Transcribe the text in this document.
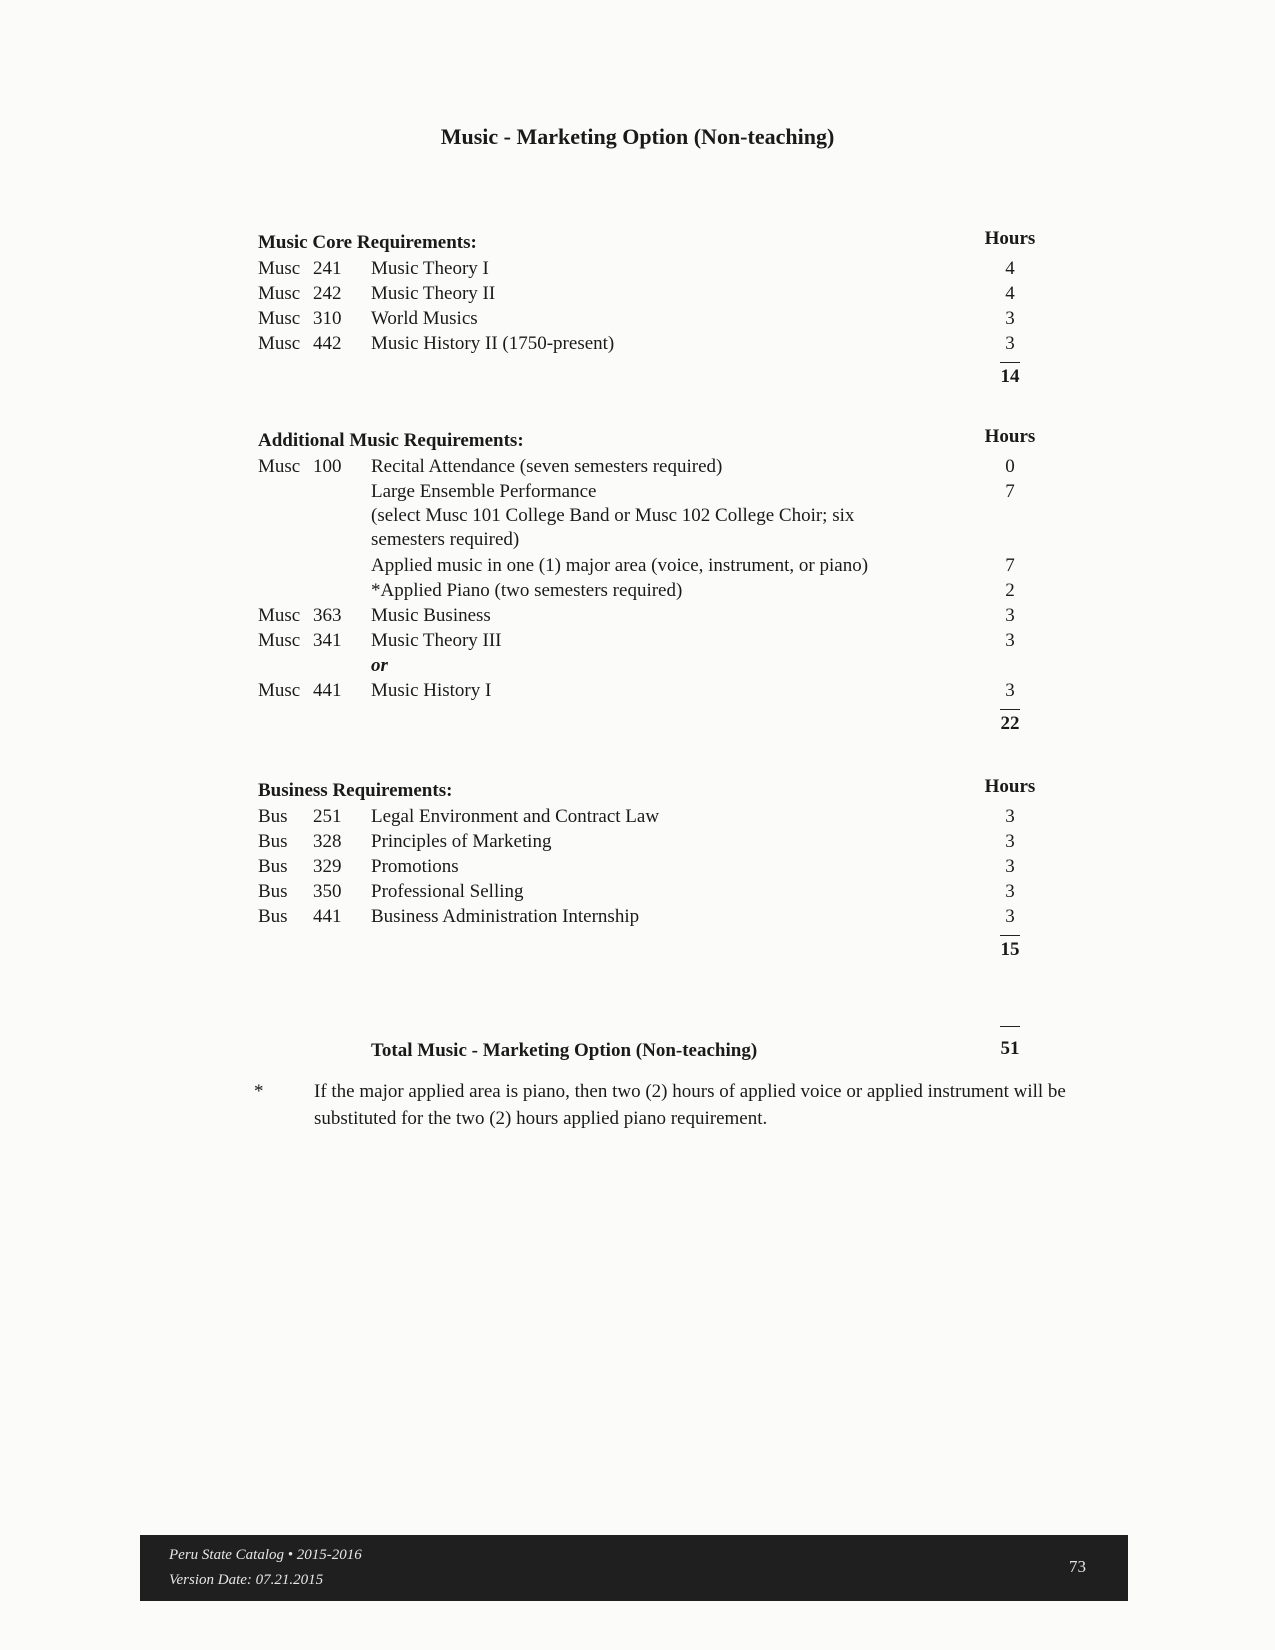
Music - Marketing Option (Non-teaching)
Music Core Requirements:	Hours
Musc 241 Music Theory I	4
Musc 242 Music Theory II	4
Musc 310 World Musics	3
Musc 442 Music History II (1750-present)	3
14
Additional Music Requirements:	Hours
Musc 100 Recital Attendance (seven semesters required)	0
Large Ensemble Performance	7
(select Musc 101 College Band or Musc 102 College Choir; six semesters required)
Applied music in one (1) major area (voice, instrument, or piano)	7
*Applied Piano (two semesters required)	2
Musc 363 Music Business	3
Musc 341 Music Theory III	3
or
Musc 441 Music History I	3
22
Business Requirements:	Hours
Bus 251 Legal Environment and Contract Law	3
Bus 328 Principles of Marketing	3
Bus 329 Promotions	3
Bus 350 Professional Selling	3
Bus 441 Business Administration Internship	3
15
Total Music - Marketing Option (Non-teaching)	51
*	If the major applied area is piano, then two (2) hours of applied voice or applied instrument will be substituted for the two (2) hours applied piano requirement.
Peru State Catalog • 2015-2016
Version Date: 07.21.2015
73
